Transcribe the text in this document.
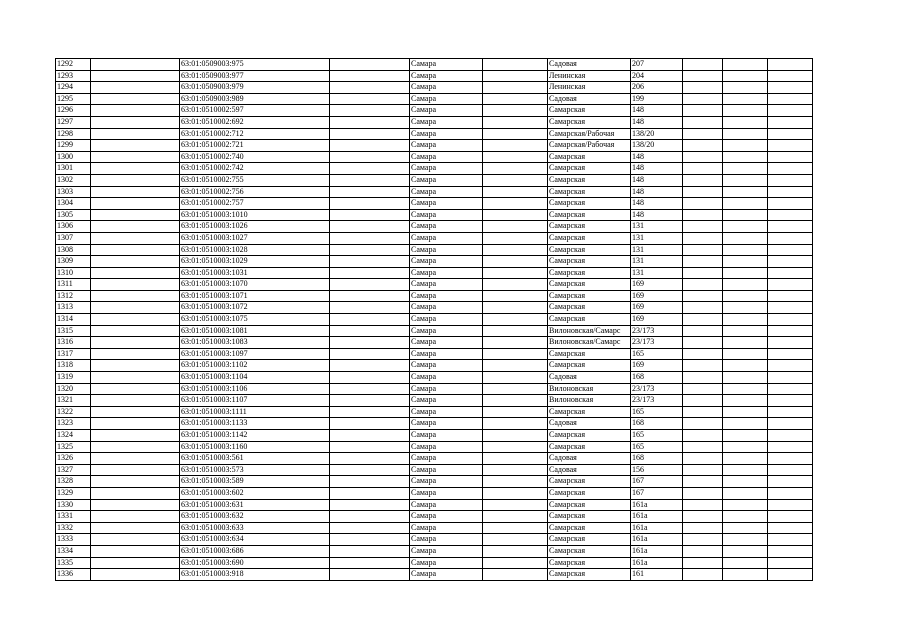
1292		63:01:0509003:975		Самара		Садовая	207			
1293		63:01:0509003:977		Самара		Ленинская	204			
1294		63:01:0509003:979		Самара		Ленинская	206			
1295		63:01:0509003:989		Самара		Садовая	199			
1296		63:01:0510002:597		Самара		Самарская	148			
1297		63:01:0510002:692		Самара		Самарская	148			
1298		63:01:0510002:712		Самара		Самарская/Рабочая	138/20			
1299		63:01:0510002:721		Самара		Самарская/Рабочая	138/20			
1300		63:01:0510002:740		Самара		Самарская	148			
1301		63:01:0510002:742		Самара		Самарская	148			
1302		63:01:0510002:755		Самара		Самарская	148			
1303		63:01:0510002:756		Самара		Самарская	148			
1304		63:01:0510002:757		Самара		Самарская	148			
1305		63:01:0510003:1010		Самара		Самарская	148			
1306		63:01:0510003:1026		Самара		Самарская	131			
1307		63:01:0510003:1027		Самара		Самарская	131			
1308		63:01:0510003:1028		Самара		Самарская	131			
1309		63:01:0510003:1029		Самара		Самарская	131			
1310		63:01:0510003:1031		Самара		Самарская	131			
1311		63:01:0510003:1070		Самара		Самарская	169			
1312		63:01:0510003:1071		Самара		Самарская	169			
1313		63:01:0510003:1072		Самара		Самарская	169			
1314		63:01:0510003:1075		Самара		Самарская	169			
1315		63:01:0510003:1081		Самара		Вилоновская/Самарс	23/173			
1316		63:01:0510003:1083		Самара		Вилоновская/Самарс	23/173			
1317		63:01:0510003:1097		Самара		Самарская	165			
1318		63:01:0510003:1102		Самара		Самарская	169			
1319		63:01:0510003:1104		Самара		Садовая	168			
1320		63:01:0510003:1106		Самара		Вилоновская	23/173			
1321		63:01:0510003:1107		Самара		Вилоновская	23/173			
1322		63:01:0510003:1111		Самара		Самарская	165			
1323		63:01:0510003:1133		Самара		Садовая	168			
1324		63:01:0510003:1142		Самара		Самарская	165			
1325		63:01:0510003:1160		Самара		Самарская	165			
1326		63:01:0510003:561		Самара		Садовая	168			
1327		63:01:0510003:573		Самара		Садовая	156			
1328		63:01:0510003:589		Самара		Самарская	167			
1329		63:01:0510003:602		Самара		Самарская	167			
1330		63:01:0510003:631		Самара		Самарская	161а			
1331		63:01:0510003:632		Самара		Самарская	161а			
1332		63:01:0510003:633		Самара		Самарская	161а			
1333		63:01:0510003:634		Самара		Самарская	161а			
1334		63:01:0510003:686		Самара		Самарская	161а			
1335		63:01:0510003:690		Самара		Самарская	161а			
1336		63:01:0510003:918		Самара		Самарская	161			
